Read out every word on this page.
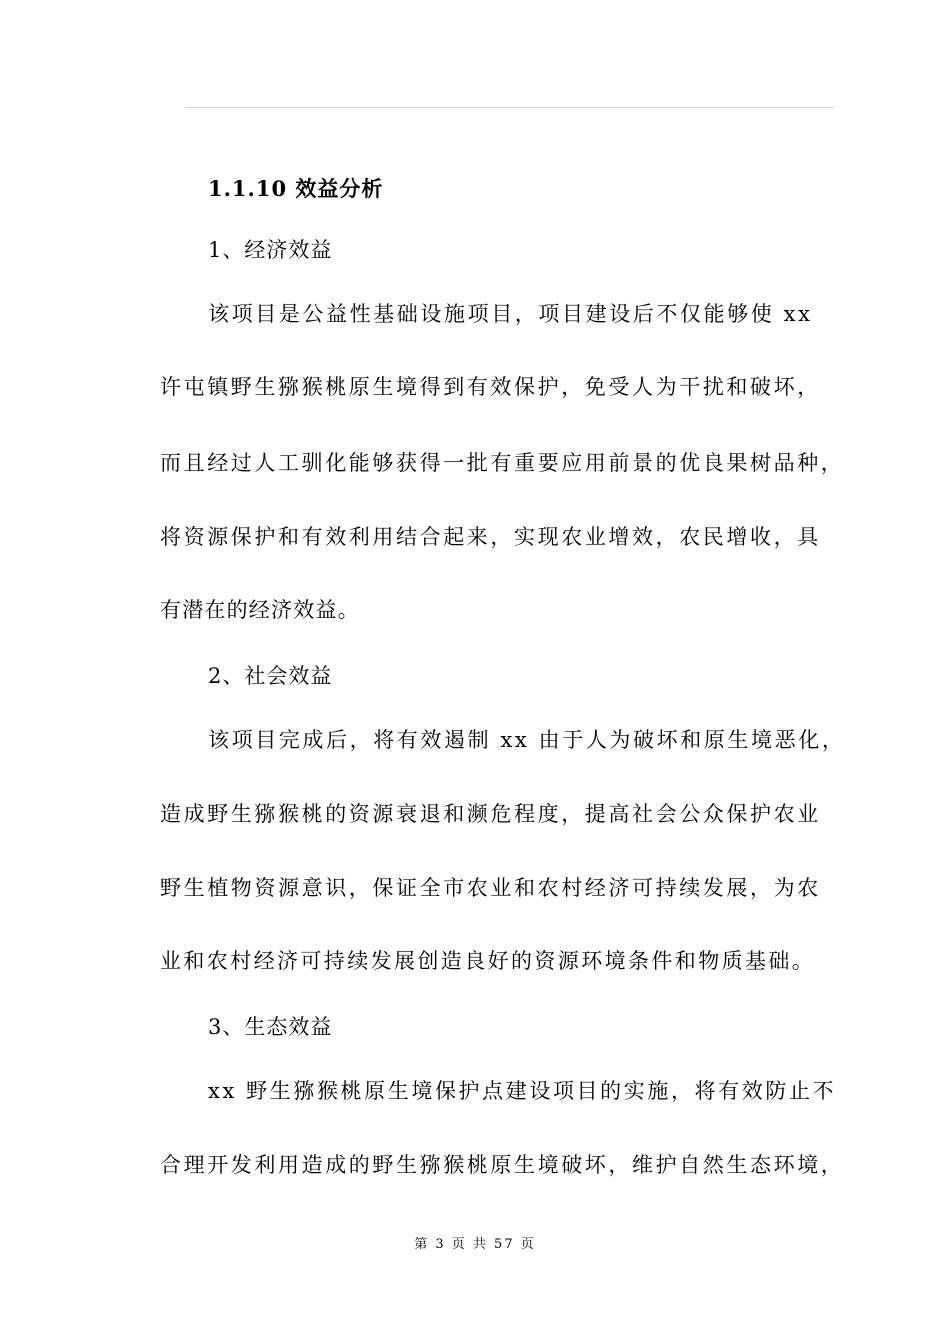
1.1.10 效益分析
1、经济效益
该项目是公益性基础设施项目，项目建设后不仅能够使 xx
许屯镇野生猕猴桃原生境得到有效保护，免受人为干扰和破坏，
而且经过人工驯化能够获得一批有重要应用前景的优良果树品种，
将资源保护和有效利用结合起来，实现农业增效，农民增收，具
有潜在的经济效益。
2、社会效益
该项目完成后，将有效遏制 xx 由于人为破坏和原生境恶化，
造成野生猕猴桃的资源衰退和濒危程度，提高社会公众保护农业
野生植物资源意识，保证全市农业和农村经济可持续发展，为农
业和农村经济可持续发展创造良好的资源环境条件和物质基础。
3、生态效益
xx 野生猕猴桃原生境保护点建设项目的实施，将有效防止不
合理开发利用造成的野生猕猴桃原生境破坏，维护自然生态环境，
第 3 页 共 57 页
